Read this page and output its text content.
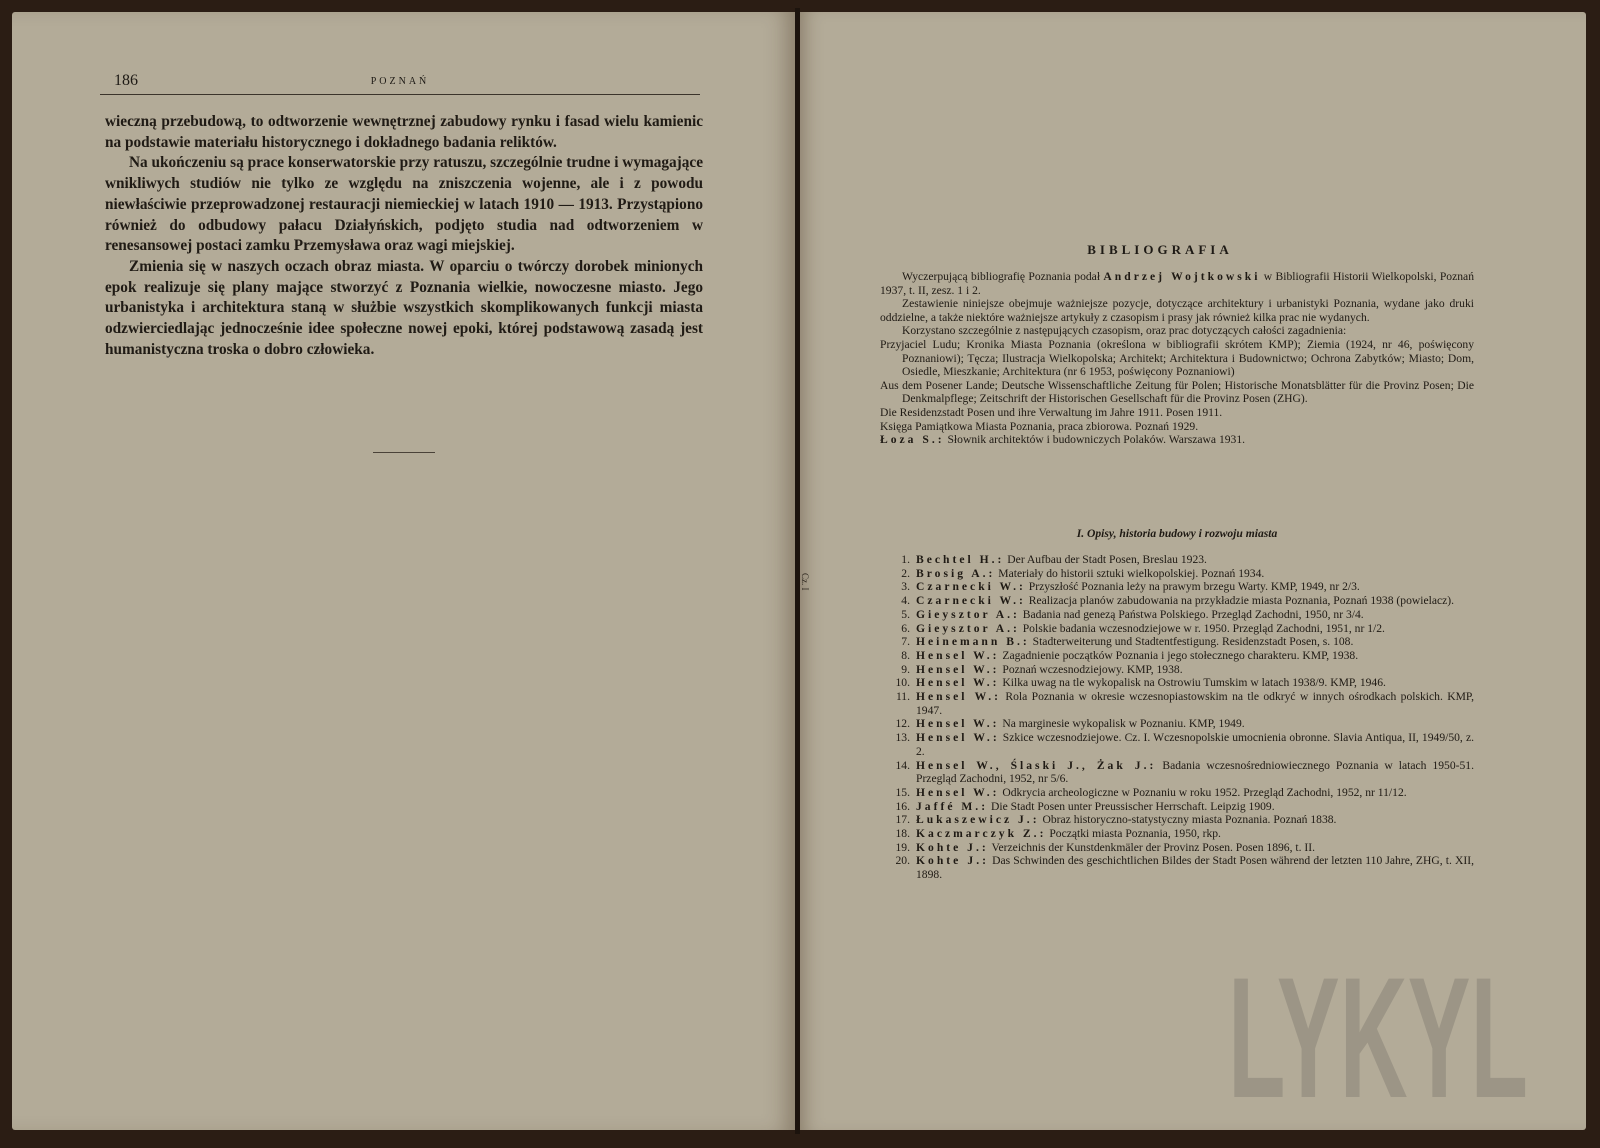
186	POZNAŃ

wieczną przebudową, to odtworzenie wewnętrznej zabudowy rynku i fasad wielu kamienic na podstawie materiału historycznego i dokładnego badania reliktów.

Na ukończeniu są prace konserwatorskie przy ratuszu, szczególnie trudne i wymagające wnikliwych studiów nie tylko ze względu na zniszczenia wojenne, ale i z powodu niewłaściwie przeprowadzonej restauracji niemieckiej w latach 1910 — 1913. Przystąpiono również do odbudowy pałacu Działyńskich, podjęto studia nad odtworzeniem w renesansowej postaci zamku Przemysława oraz wagi miejskiej.

Zmienia się w naszych oczach obraz miasta. W oparciu o twórczy dorobek minionych epok realizuje się plany mające stworzyć z Poznania wielkie, nowoczesne miasto. Jego urbanistyka i architektura staną w służbie wszystkich skomplikowanych funkcji miasta odzwierciedlając jednocześnie idee społeczne nowej epoki, której podstawową zasadą jest humanistyczna troska o dobro człowieka.

Cz. I
BIBLIOGRAFIA

Wyczerpującą bibliografię Poznania podał Andrzej Wojtkowski w Bibliografii Historii Wielkopolski, Poznań 1937, t. II, zesz. 1 i 2.

Zestawienie niniejsze obejmuje ważniejsze pozycje, dotyczące architektury i urbanistyki Poznania, wydane jako druki oddzielne, a także niektóre ważniejsze artykuły z czasopism i prasy jak również kilka prac nie wydanych.

Korzystano szczególnie z następujących czasopism, oraz prac dotyczących całości zagadnienia:

Przyjaciel Ludu; Kronika Miasta Poznania (określona w bibliografii skrótem KMP); Ziemia (1924, nr 46, poświęcony Poznaniowi); Tęcza; Ilustracja Wielkopolska; Architekt; Architektura i Budownictwo; Ochrona Zabytków; Miasto; Dom, Osiedle, Mieszkanie; Architektura (nr 6 1953, poświęcony Poznaniowi)

Aus dem Posener Lande; Deutsche Wissenschaftliche Zeitung für Polen; Historische Monatsblätter für die Provinz Posen; Die Denkmalpflege; Zeitschrift der Historischen Gesellschaft für die Provinz Posen (ZHG).

Die Residenzstadt Posen und ihre Verwaltung im Jahre 1911. Posen 1911.

Księga Pamiątkowa Miasta Poznania, praca zbiorowa. Poznań 1929.

Łoza S.: Słownik architektów i budowniczych Polaków. Warszawa 1931.

I. Opisy, historia budowy i rozwoju miasta
1. Bechtel H.: Der Aufbau der Stadt Posen, Breslau 1923.
2. Brosig A.: Materiały do historii sztuki wielkopolskiej. Poznań 1934.
3. Czarnecki W.: Przyszłość Poznania leży na prawym brzegu Warty. KMP, 1949, nr 2/3.
4. Czarnecki W.: Realizacja planów zabudowania na przykładzie miasta Poznania, Poznań 1938 (powielacz).
5. Gieysztor A.: Badania nad genezą Państwa Polskiego. Przegląd Zachodni, 1950, nr 3/4.
6. Gieysztor A.: Polskie badania wczesnodziejowe w r. 1950. Przegląd Zachodni, 1951, nr 1/2.
7. Heinemann B.: Stadterweiterung und Stadtentfestigung. Residenzstadt Posen, s. 108.
8. Hensel W.: Zagadnienie początków Poznania i jego stołecznego charakteru. KMP, 1938.
9. Hensel W.: Poznań wczesnodziejowy. KMP, 1938.
10. Hensel W.: Kilka uwag na tle wykopalisk na Ostrowiu Tumskim w latach 1938/9. KMP, 1946.
11. Hensel W.: Rola Poznania w okresie wczesnopiastowskim na tle odkryć w innych ośrodkach polskich. KMP, 1947.
12. Hensel W.: Na marginesie wykopalisk w Poznaniu. KMP, 1949.
13. Hensel W.: Szkice wczesnodziejowe. Cz. I. Wczesnopolskie umocnienia obronne. Slavia Antiqua, II, 1949/50, z. 2.
14. Hensel W., Ślaski J., Żak J.: Badania wczesnośredniowiecznego Poznania w latach 1950-51. Przegląd Zachodni, 1952, nr 5/6.
15. Hensel W.: Odkrycia archeologiczne w Poznaniu w roku 1952. Przegląd Zachodni, 1952, nr 11/12.
16. Jaffé M.: Die Stadt Posen unter Preussischer Herrschaft. Leipzig 1909.
17. Łukaszewicz J.: Obraz historyczno-statystyczny miasta Poznania. Poznań 1838.
18. Kaczmarczyk Z.: Początki miasta Poznania, 1950, rkp.
19. Kohte J.: Verzeichnis der Kunstdenkmäler der Provinz Posen. Posen 1896, t. II.
20. Kohte J.: Das Schwinden des geschichtlichen Bildes der Stadt Posen während der letzten 110 Jahre, ZHG, t. XII, 1898.
LYKYL
